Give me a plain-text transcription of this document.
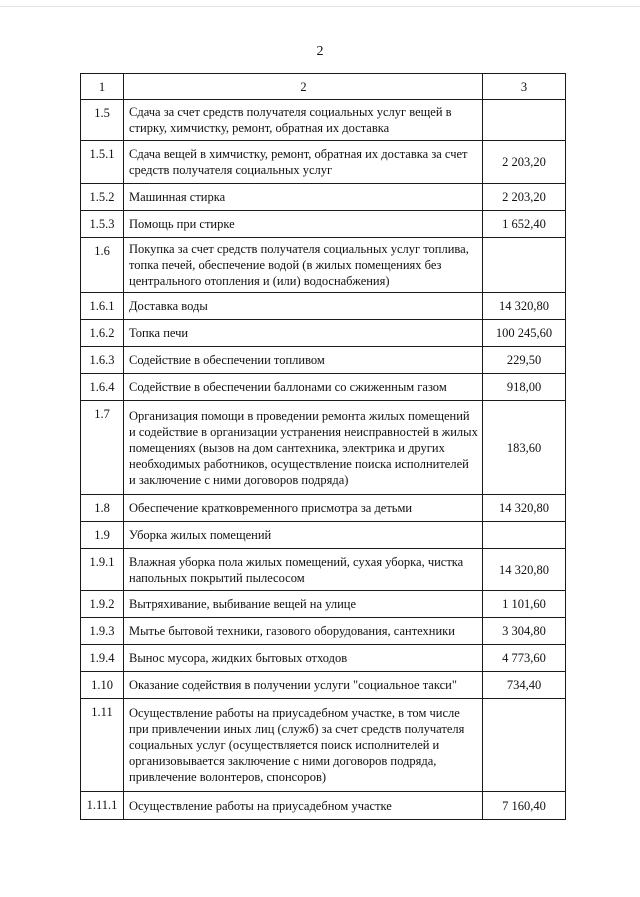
2
1	2	3
1.5	Сдача за счет средств получателя социальных услуг вещей в стирку, химчистку, ремонт, обратная их доставка	
1.5.1	Сдача вещей в химчистку, ремонт, обратная их доставка за счет средств получателя социальных услуг	2 203,20
1.5.2	Машинная стирка	2 203,20
1.5.3	Помощь при стирке	1 652,40
1.6	Покупка за счет средств получателя социальных услуг топлива, топка печей, обеспечение водой (в жилых помещениях без центрального отопления и (или) водоснабжения)	
1.6.1	Доставка воды	14 320,80
1.6.2	Топка печи	100 245,60
1.6.3	Содействие в обеспечении топливом	229,50
1.6.4	Содействие в обеспечении баллонами со сжиженным газом	918,00
1.7	Организация помощи в проведении ремонта жилых помещений и содействие в организации устранения неисправностей в жилых помещениях (вызов на дом сантехника, электрика и других необходимых работников, осуществление поиска исполнителей и заключение с ними договоров подряда)	183,60
1.8	Обеспечение кратковременного присмотра за детьми	14 320,80
1.9	Уборка жилых помещений	
1.9.1	Влажная уборка пола жилых помещений, сухая уборка, чистка напольных покрытий пылесосом	14 320,80
1.9.2	Вытряхивание, выбивание вещей на улице	1 101,60
1.9.3	Мытье бытовой техники, газового оборудования, сантехники	3 304,80
1.9.4	Вынос мусора, жидких бытовых отходов	4 773,60
1.10	Оказание содействия в получении услуги "социальное такси"	734,40
1.11	Осуществление работы на приусадебном участке, в том числе при привлечении иных лиц (служб) за счет средств получателя социальных услуг (осуществляется поиск исполнителей и организовывается заключение с ними договоров подряда, привлечение волонтеров, спонсоров)	
1.11.1	Осуществление работы на приусадебном участке	7 160,40
